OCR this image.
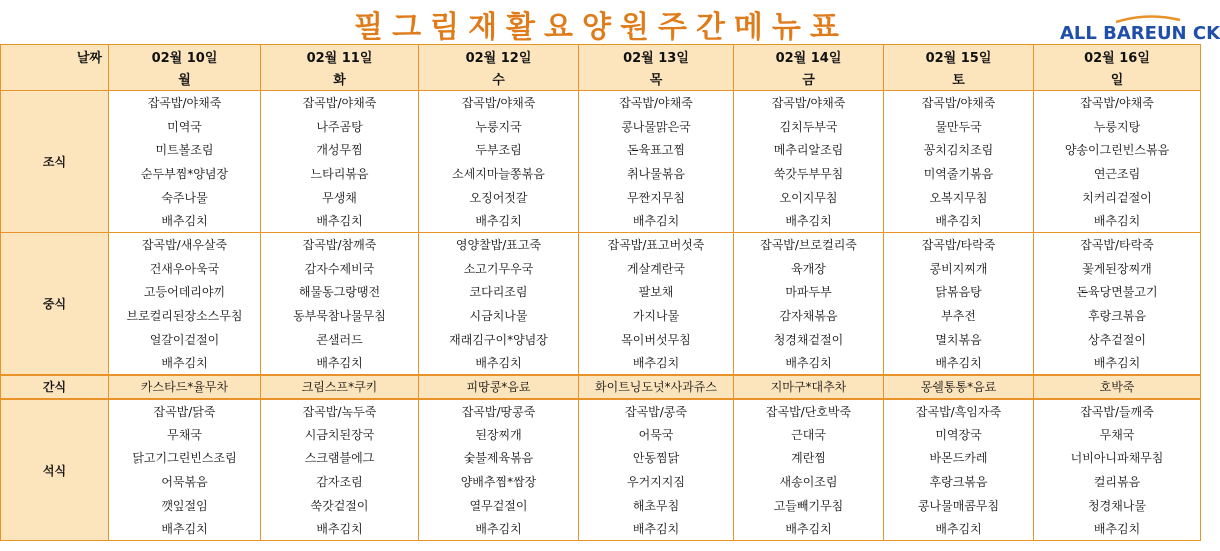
필그림재활요양원주간메뉴표	ALL BAREUN CK
날짜	02월 10일	02월 11일	02월 12일	02월 13일	02월 14일	02월 15일	02월 16일
	월	화	수	목	금	토	일
조식	잡곡밥/야채죽	잡곡밥/야채죽	잡곡밥/야채죽	잡곡밥/야채죽	잡곡밥/야채죽	잡곡밥/야채죽	잡곡밥/야채죽
	미역국	나주곰탕	누룽지국	콩나물맑은국	김치두부국	물만두국	누룽지탕
	미트볼조림	개성무찜	두부조림	돈육표고찜	메추리알조림	꽁치김치조림	양송이그린빈스볶음
	순두부찜*양념장	느타리볶음	소세지마늘쫑볶음	취나물볶음	쑥갓두부무침	미역줄기볶음	연근조림
	숙주나물	무생채	오징어젓갈	무짠지무침	오이지무침	오복지무침	치커리겉절이
	배추김치	배추김치	배추김치	배추김치	배추김치	배추김치	배추김치
중식	잡곡밥/새우살죽	잡곡밥/참깨죽	영양찰밥/표고죽	잡곡밥/표고버섯죽	잡곡밥/브로컬리죽	잡곡밥/타락죽	잡곡밥/타락죽
	건새우아욱국	감자수제비국	소고기무우국	게살계란국	육개장	콩비지찌개	꽃게된장찌개
	고등어데리야끼	해물동그랑땡전	코다리조림	팔보채	마파두부	닭볶음탕	돈육당면불고기
	브로컬리된장소스무침	동부묵참나물무침	시금치나물	가지나물	감자채볶음	부추전	후랑크볶음
	얼갈이겉절이	콘샐러드	재래김구이*양념장	목이버섯무침	청경채겉절이	멸치볶음	상추겉절이
	배추김치	배추김치	배추김치	배추김치	배추김치	배추김치	배추김치
간식	카스타드*율무차	크림스프*쿠키	피땅콩*음료	화이트닝도넛*사과쥬스	지마구*대추차	몽쉘통통*음료	호박죽
석식	잡곡밥/닭죽	잡곡밥/녹두죽	잡곡밥/땅콩죽	잡곡밥/콩죽	잡곡밥/단호박죽	잡곡밥/흑임자죽	잡곡밥/들깨죽
	무채국	시금치된장국	된장찌개	어묵국	근대국	미역장국	무채국
	닭고기그린빈스조림	스크램블에그	숯불제육볶음	안동찜닭	계란찜	바몬드카레	너비아니파채무침
	어묵볶음	감자조림	양배추찜*쌈장	우거지지짐	새송이조림	후랑크볶음	컬리볶음
	깻잎절임	쑥갓겉절이	열무겉절이	해초무침	고들빼기무침	콩나물매콤무침	청경채나물
	배추김치	배추김치	배추김치	배추김치	배추김치	배추김치	배추김치
